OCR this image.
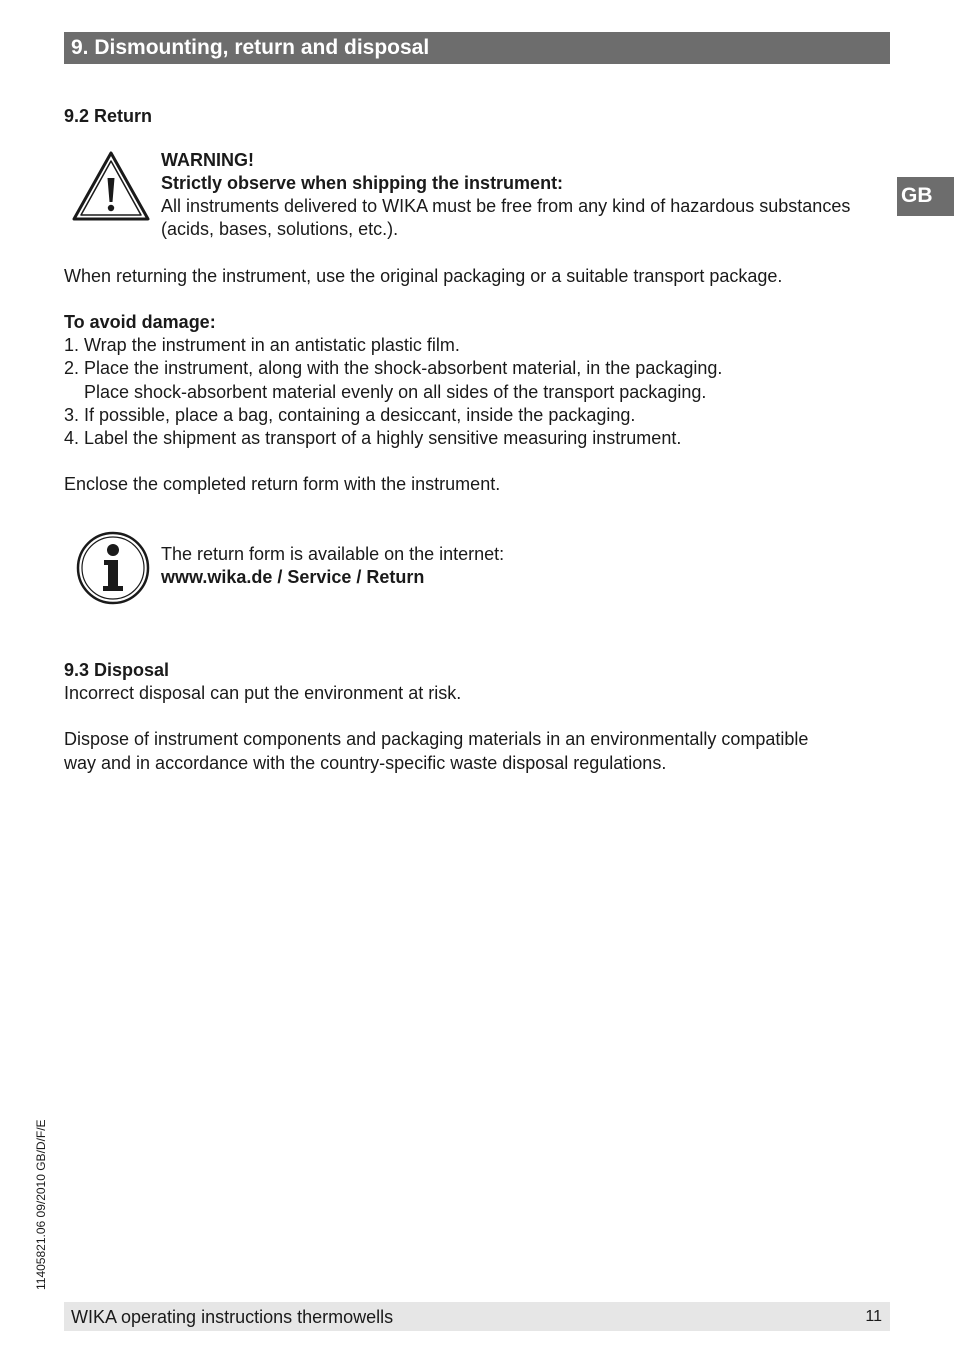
9. Dismounting, return and disposal
GB
9.2 Return
WARNING!
Strictly observe when shipping the instrument:
All instruments delivered to WIKA must be free from any kind of hazardous substances
(acids, bases, solutions, etc.).
When returning the instrument, use the original packaging or a suitable transport package.
To avoid damage:
1. Wrap the instrument in an antistatic plastic film.
2. Place the instrument, along with the shock-absorbent material, in the packaging.
Place shock-absorbent material evenly on all sides of the transport packaging.
3. If possible, place a bag, containing a desiccant, inside the packaging.
4. Label the shipment as transport of a highly sensitive measuring instrument.
Enclose the completed return form with the instrument.
The return form is available on the internet:
www.wika.de / Service / Return
9.3 Disposal
Incorrect disposal can put the environment at risk.
Dispose of instrument components and packaging materials in an environmentally compatible
way and in accordance with the country-specific waste disposal regulations.
11405821.06 09/2010 GB/D/F/E
WIKA operating instructions thermowells	11
